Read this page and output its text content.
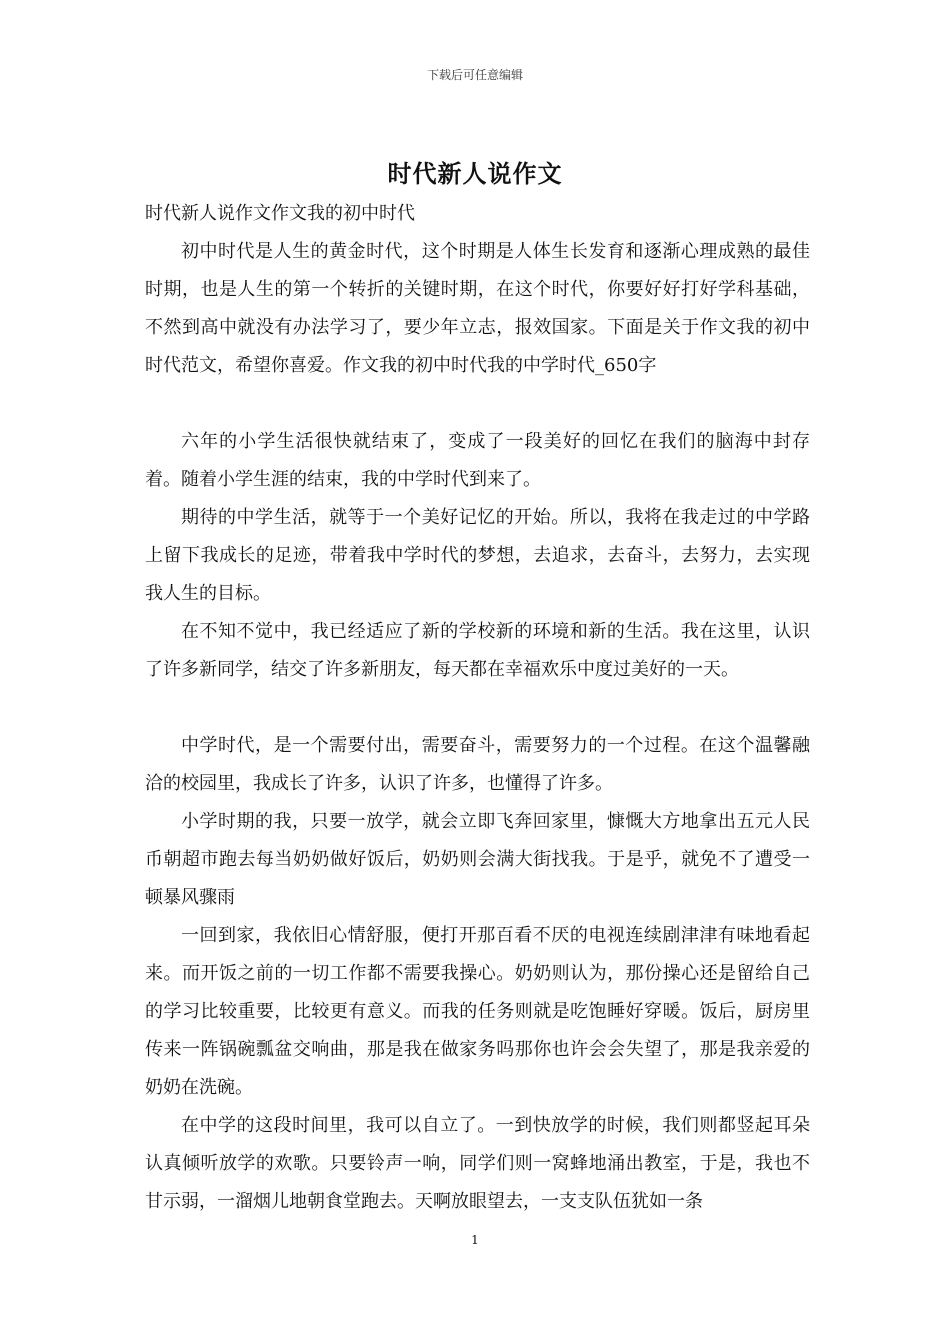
下载后可任意编辑
时代新人说作文
时代新人说作文作文我的初中时代

初中时代是人生的黄金时代，这个时期是人体生长发育和逐渐心理成熟的最佳时期，也是人生的第一个转折的关键时期，在这个时代，你要好好打好学科基础，不然到高中就没有办法学习了，要少年立志，报效国家。下面是关于作文我的初中时代范文，希望你喜爱。作文我的初中时代我的中学时代_650字

六年的小学生活很快就结束了，变成了一段美好的回忆在我们的脑海中封存着。随着小学生涯的结束，我的中学时代到来了。

期待的中学生活，就等于一个美好记忆的开始。所以，我将在我走过的中学路上留下我成长的足迹，带着我中学时代的梦想，去追求，去奋斗，去努力，去实现我人生的目标。

在不知不觉中，我已经适应了新的学校新的环境和新的生活。我在这里，认识了许多新同学，结交了许多新朋友，每天都在幸福欢乐中度过美好的一天。

中学时代，是一个需要付出，需要奋斗，需要努力的一个过程。在这个温馨融洽的校园里，我成长了许多，认识了许多，也懂得了许多。

小学时期的我，只要一放学，就会立即飞奔回家里，慷慨大方地拿出五元人民币朝超市跑去每当奶奶做好饭后，奶奶则会满大街找我。于是乎，就免不了遭受一顿暴风骤雨

一回到家，我依旧心情舒服，便打开那百看不厌的电视连续剧津津有味地看起来。而开饭之前的一切工作都不需要我操心。奶奶则认为，那份操心还是留给自己的学习比较重要，比较更有意义。而我的任务则就是吃饱睡好穿暖。饭后，厨房里传来一阵锅碗瓢盆交响曲，那是我在做家务吗那你也许会会失望了，那是我亲爱的奶奶在洗碗。

在中学的这段时间里，我可以自立了。一到快放学的时候，我们则都竖起耳朵认真倾听放学的欢歌。只要铃声一响，同学们则一窝蜂地涌出教室，于是，我也不甘示弱，一溜烟儿地朝食堂跑去。天啊放眼望去，一支支队伍犹如一条

1
